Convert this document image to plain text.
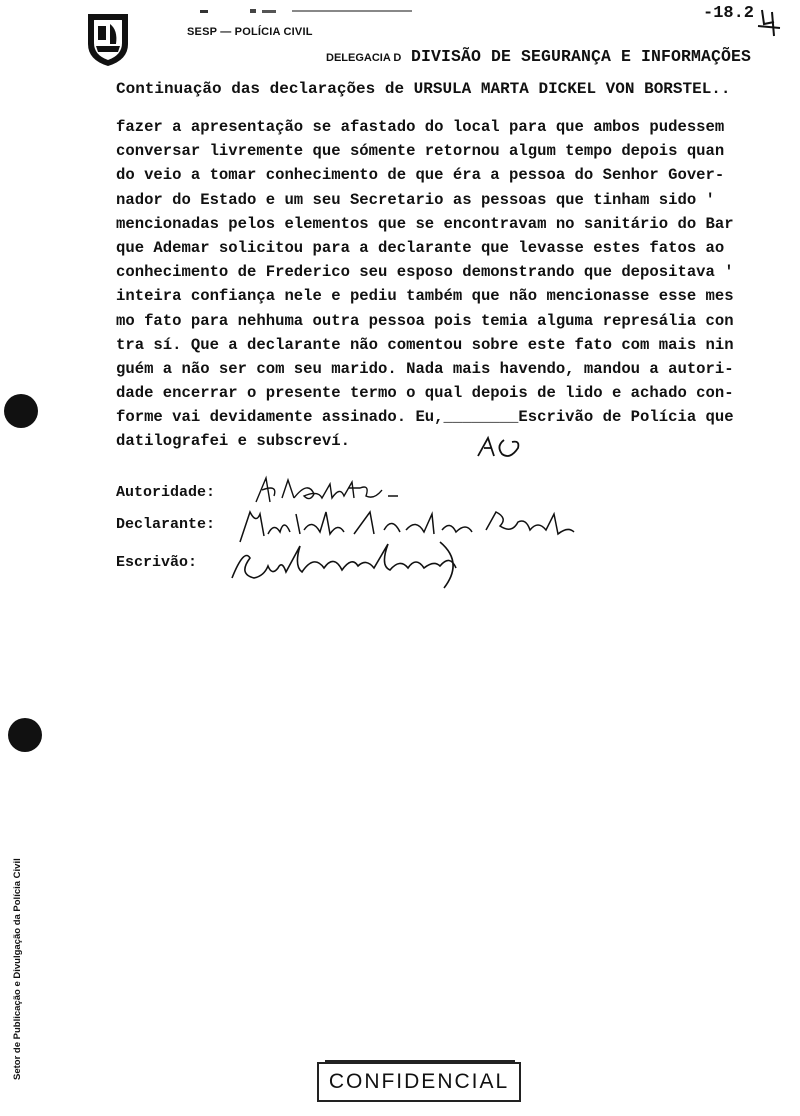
SESP — POLÍCIA CIVIL
DELEGACIA D DIVISÃO DE SEGURANÇA E INFORMAÇÕES
-18.2
Continuação das declarações de URSULA MARTA DICKEL VON BORSTEL..
fazer a apresentação se afastado do local para que ambos pudessem
conversar livremente que sómente retornou algum tempo depois quan
do veio a tomar conhecimento de que éra a pessoa do Senhor Gover-
nador do Estado e um seu Secretario as pessoas que tinham sido '
mencionadas pelos elementos que se encontravam no sanitário do Bar
que Ademar solicitou para a declarante que levasse estes fatos ao
conhecimento de Frederico seu esposo demonstrando que depositava '
inteira confiança nele e pediu também que não mencionasse esse mes
mo fato para nehhuma outra pessoa pois temia alguma represália con
tra sí. Que a declarante não comentou sobre este fato com mais nin
guém a não ser com seu marido. Nada mais havendo, mandou a autori-
dade encerrar o presente termo o qual depois de lido e achado con-
forme vai devidamente assinado. Eu,________Escrivão de Polícia que
datilografei e subscreví.
Autoridade:
Declarante:
Escrivão:
Setor de Publicação e Divulgação da Polícia Civil
CONFIDENCIAL
